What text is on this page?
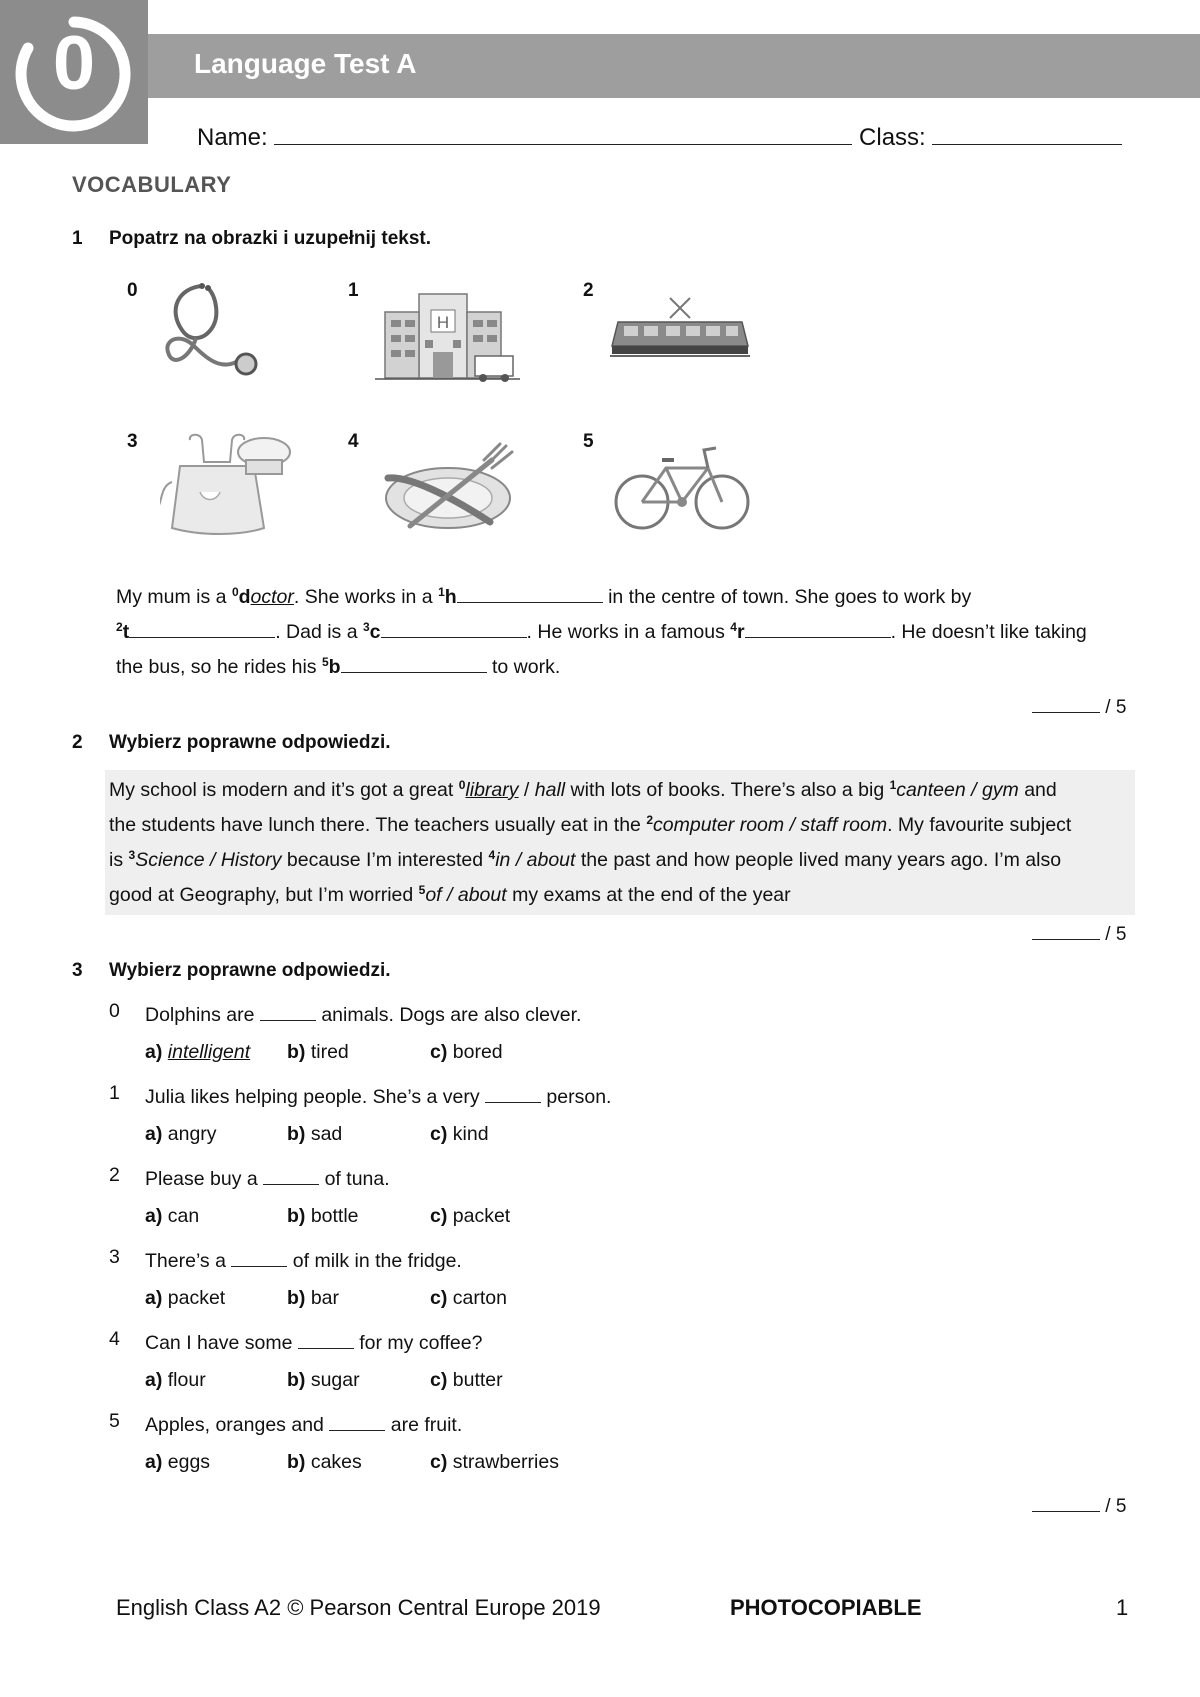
0	Language Test A
Name:	Class:
VOCABULARY
1 Popatrz na obrazki i uzupełnij tekst.
0	1	2
3	4	5
H
My mum is a $^0$doctor. She works in a $^1$h	in the centre of town. She goes to work by
$^2$t	. Dad is a $^3$c	. He works in a famous $^4$r	. He doesn’t like taking
the bus, so he rides his $^5$b	to work.
/ 5
2 Wybierz poprawne odpowiedzi.
My school is modern and it’s got a great $^0$library / hall with lots of books. There’s also a big $^1$canteen / gym and
the students have lunch there. The teachers usually eat in the $^2$computer room / staff room. My favourite subject
is $^3$Science / History because I’m interested $^4$in / about the past and how people lived many years ago. I’m also
good at Geography, but I’m worried $^5$of / about my exams at the end of the year
/ 5
3 Wybierz poprawne odpowiedzi.
0 Dolphins are	animals. Dogs are also clever.
a) intelligent b) tired	c) bored
1 Julia likes helping people. She’s a very	person.
a) angry	b) sad	c) kind
2 Please buy a	of tuna.
a) can	b) bottle	c) packet
3 There’s a	of milk in the fridge.
a) packet	b) bar	c) carton
4 Can I have some	for my coffee?
a) flour	b) sugar	c) butter
5 Apples, oranges and	are fruit.
a) eggs	b) cakes	c) strawberries
/ 5
English Class A2 © Pearson Central Europe 2019	PHOTOCOPIABLE	1
